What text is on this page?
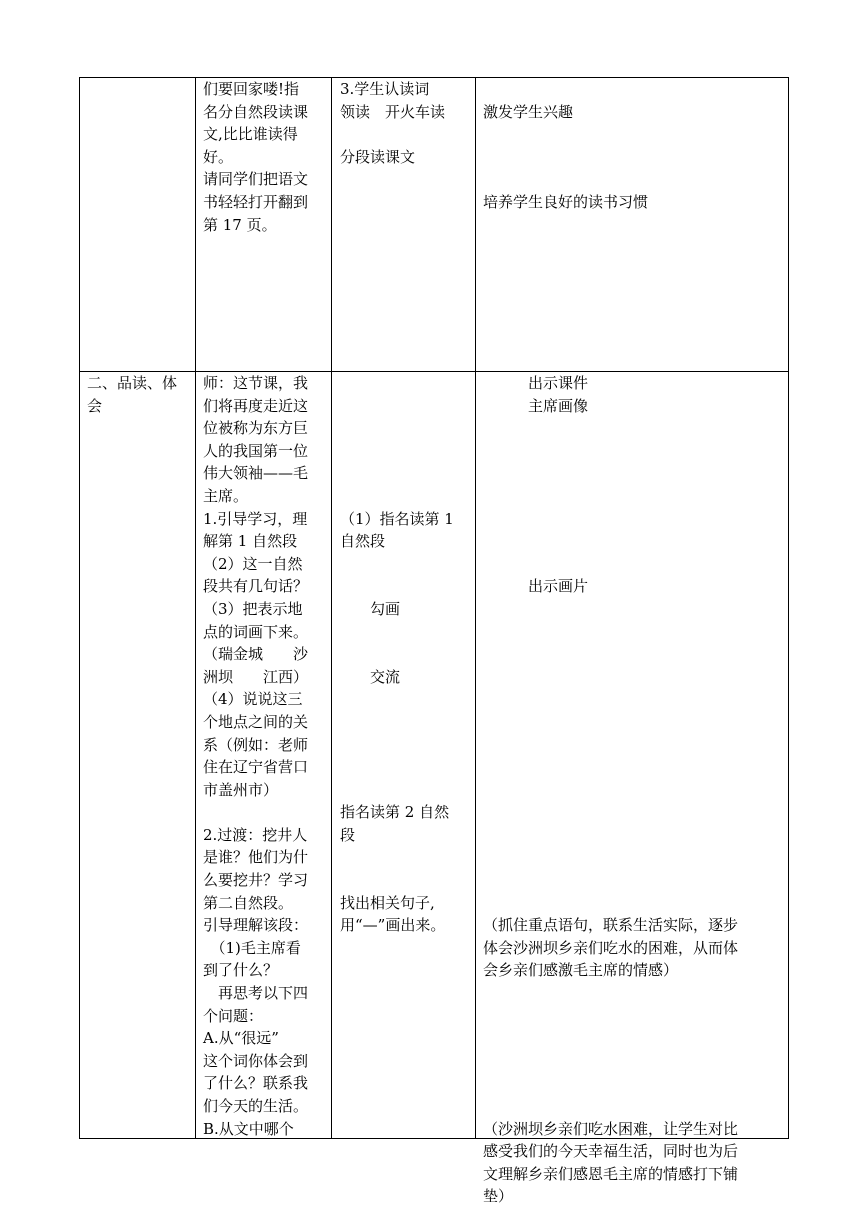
们要回家喽!指
名分自然段读课
文,比比谁读得
好。
请同学们把语文
书轻轻打开翻到
第 17 页。
3.学生认读词
领读　开火车读
分段读课文
激发学生兴趣
培养学生良好的读书习惯
二、品读、体
会
师：这节课，我
们将再度走近这
位被称为东方巨
人的我国第一位
伟大领袖——毛
主席。
1.引导学习，理
解第 1 自然段
（2）这一自然
段共有几句话？
（3）把表示地
点的词画下来。
（瑞金城　　沙
洲坝　　江西）
（4）说说这三
个地点之间的关
系（例如：老师
住在辽宁省营口
市盖州市）
2.过渡：挖井人
是谁？他们为什
么要挖井？学习
第二自然段。
引导理解该段：
　（1)毛主席看
到了什么？
　再思考以下四
个问题：
A.从“很远”
这个词你体会到
了什么？联系我
们今天的生活。
B.从文中哪个
（1）指名读第 1
自然段
　　勾画
　　交流
指名读第 2 自然
段
找出相关句子,
用“—”画出来。
　　　出示课件
　　　主席画像
　　　出示画片
（抓住重点语句，联系生活实际，逐步
体会沙洲坝乡亲们吃水的困难，从而体
会乡亲们感激毛主席的情感）
（沙洲坝乡亲们吃水困难，让学生对比
感受我们的今天幸福生活，同时也为后
文理解乡亲们感恩毛主席的情感打下铺
垫）
